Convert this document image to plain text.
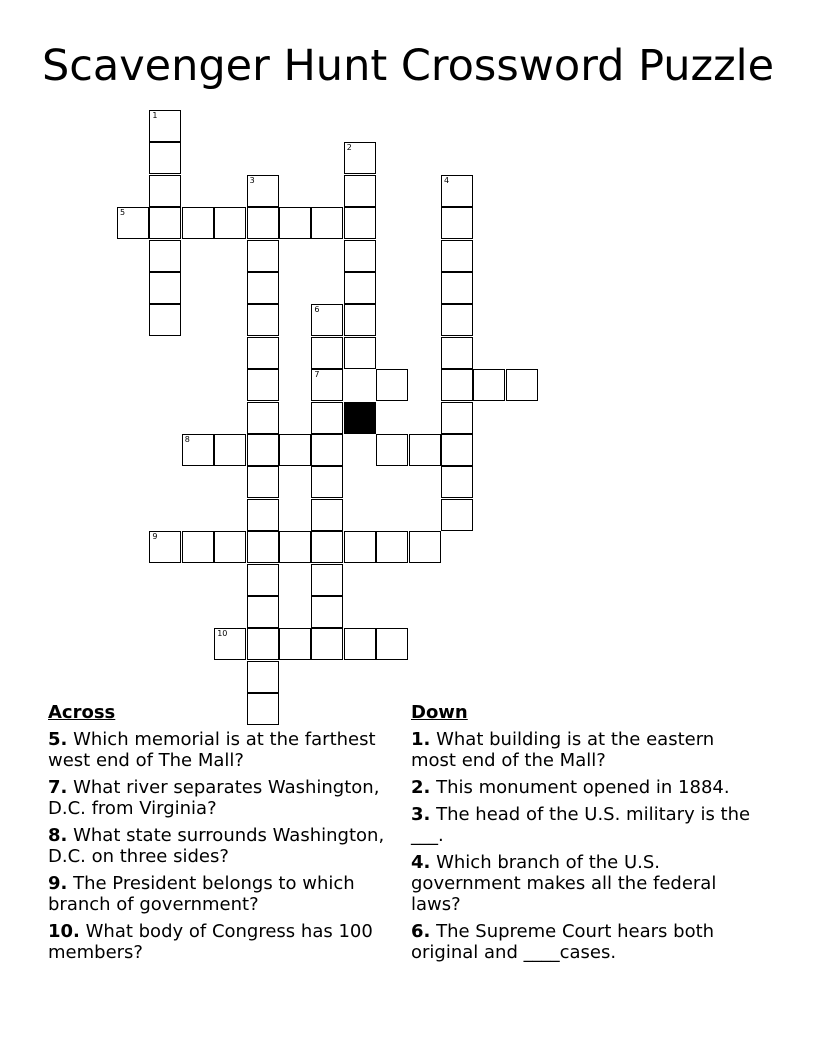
Scavenger Hunt Crossword Puzzle
1
2
3	4
5
6
7
8
9
10
Across
5. Which memorial is at the farthest west end of The Mall?
7. What river separates Washington, D.C. from Virginia?
8. What state surrounds Washington, D.C. on three sides?
9. The President belongs to which branch of government?
10. What body of Congress has 100 members?
Down
1. What building is at the eastern most end of the Mall?
2. This monument opened in 1884.
3. The head of the U.S. military is the ___.
4. Which branch of the U.S. government makes all the federal laws?
6. The Supreme Court hears both original and ____cases.
